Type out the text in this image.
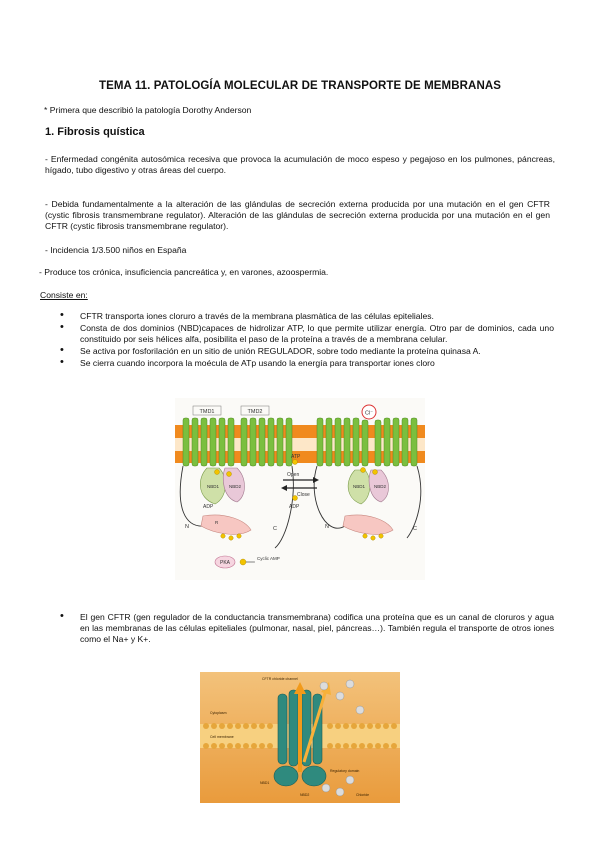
TEMA 11. PATOLOGÍA MOLECULAR DE TRANSPORTE DE MEMBRANAS
* Primera que describió la patología Dorothy Anderson
1. Fibrosis quística
- Enfermedad congénita autosómica recesiva que provoca la acumulación de moco espeso y pegajoso en los pulmones, páncreas, hígado, tubo digestivo y otras áreas del cuerpo.
- Debida fundamentalmente a la alteración de las glándulas de secreción externa producida por una mutación en el gen CFTR (cystic fibrosis transmembrane regulator). Alteración de las glándulas de secreción externa producida por una mutación en el gen CFTR (cystic fibrosis transmembrane regulator).
- Incidencia 1/3.500 niños en España
- Produce tos crónica, insuficiencia pancreática y, en varones, azoospermia.
Consiste en:
• CFTR transporta iones cloruro a través de la membrana plasmàtica de las células epiteliales.
• Consta de dos dominios (NBD)capaces de hidrolizar ATP, lo que permite utilizar energía. Otro par de dominios, cada uno constituido por seis hélices alfa, posibilita el paso de la proteína a través de a membrana celular.
• Se activa por fosforilación en un sitio de unión REGULADOR, sobre todo mediante la proteína quinasa A.
• Se cierra cuando incorpora la moécula de ATp usando la energía para transportar iones cloro
TMD1	TMD2	Cl⁻
NBD1 NBD2	NBD1 NBD2
R
ATP
Open
Close
ADP
ADP
N	C	N	C
PKA
Cyclic AMP
• El gen CFTR (gen regulador de la conductancia transmembrana) codifica una proteína que es un canal de cloruros y agua en las membranas de las células epiteliales (pulmonar, nasal, piel, páncreas…). También regula el transporte de otros iones como el Na+ y K+.
CFTR chloride channel
Cytoplasm
Cell membrane
NBD1
Regulatory domain
NBD2	Chloride
